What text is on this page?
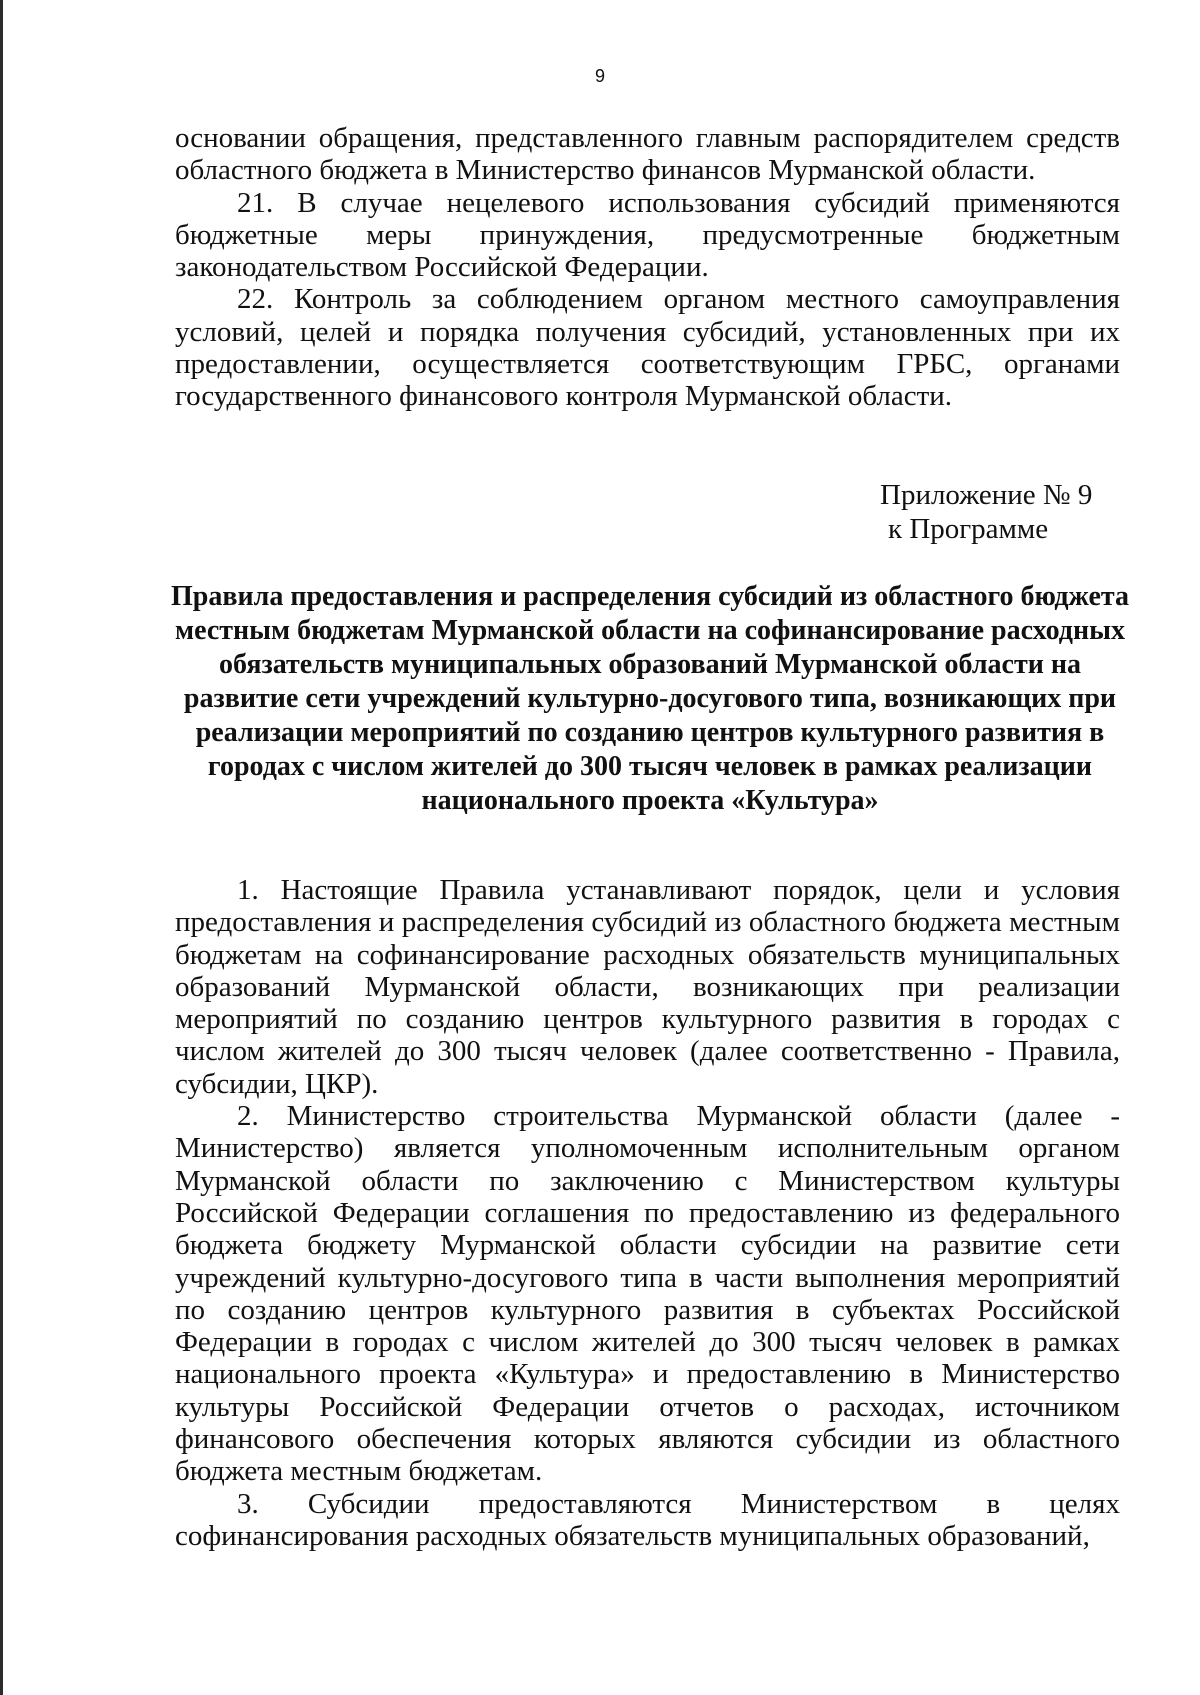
9

основании обращения, представленного главным распорядителем средств областного бюджета в Министерство финансов Мурманской области.

21. В случае нецелевого использования субсидий применяются бюджетные меры принуждения, предусмотренные бюджетным законодательством Российской Федерации.

22. Контроль за соблюдением органом местного самоуправления условий, целей и порядка получения субсидий, установленных при их предоставлении, осуществляется соответствующим ГРБС, органами государственного финансового контроля Мурманской области.

Приложение № 9
к Программе
Правила предоставления и распределения субсидий из областного бюджета местным бюджетам Мурманской области на софинансирование расходных обязательств муниципальных образований Мурманской области на развитие сети учреждений культурно-досугового типа, возникающих при реализации мероприятий по созданию центров культурного развития в городах с числом жителей до 300 тысяч человек в рамках реализации национального проекта «Культура»

1. Настоящие Правила устанавливают порядок, цели и условия предоставления и распределения субсидий из областного бюджета местным бюджетам на софинансирование расходных обязательств муниципальных образований Мурманской области, возникающих при реализации мероприятий по созданию центров культурного развития в городах с числом жителей до 300 тысяч человек (далее соответственно - Правила, субсидии, ЦКР).

2. Министерство строительства Мурманской области (далее - Министерство) является уполномоченным исполнительным органом Мурманской области по заключению с Министерством культуры Российской Федерации соглашения по предоставлению из федерального бюджета бюджету Мурманской области субсидии на развитие сети учреждений культурно-досугового типа в части выполнения мероприятий по созданию центров культурного развития в субъектах Российской Федерации в городах с числом жителей до 300 тысяч человек в рамках национального проекта «Культура» и предоставлению в Министерство культуры Российской Федерации отчетов о расходах, источником финансового обеспечения которых являются субсидии из областного бюджета местным бюджетам.

3. Субсидии предоставляются Министерством в целях софинансирования расходных обязательств муниципальных образований,
